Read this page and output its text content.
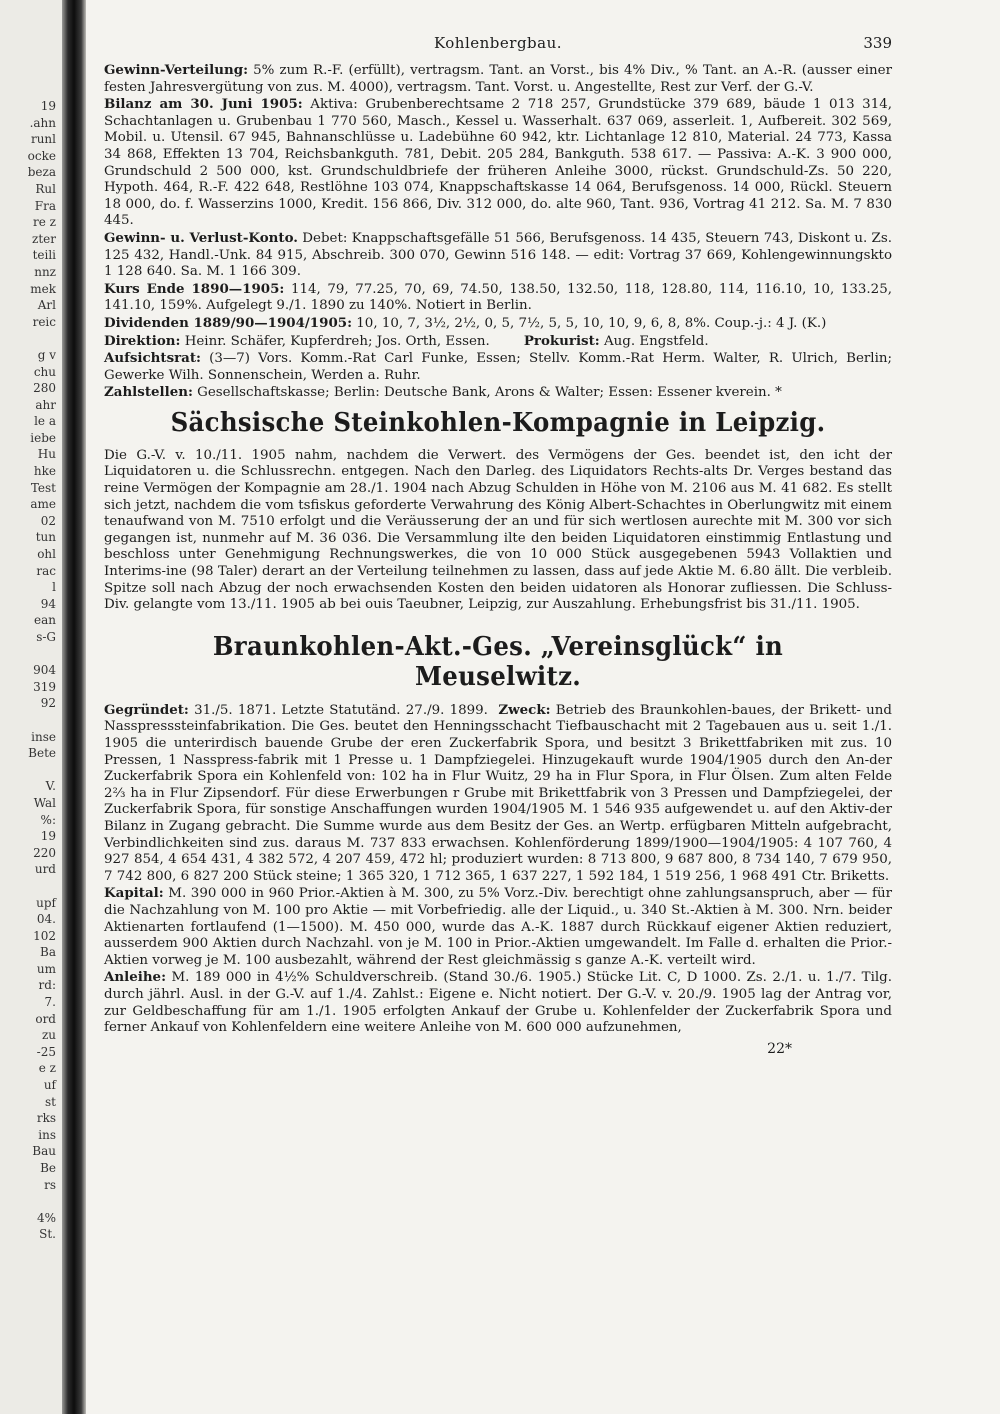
19
.ahn
runl
ocke
beza
Rul
Fra
re z
zter
teili
nnz
mek
Arl
reic

g v
chu
280
ahr
le a
iebe
Hu
hke
Test
ame
02
tun
ohl
rac
l
94
ean
s-G

904
319
92

inse
Bete

V.
Wal
%:
19
220
urd

upf
04.
102
Ba
um
rd:
7.
ord
zu
-25
e z
uf
st
rks
ins
Bau
Be
rs

4%
St.
Kohlenbergbau.	339

Gewinn-Verteilung: 5% zum R.-F. (erfüllt), vertragsm. Tant. an Vorst., bis 4% Div., % Tant. an A.-R. (ausser einer festen Jahresvergütung von zus. M. 4000), vertragsm. Tant. Vorst. u. Angestellte, Rest zur Verf. der G.-V.

Bilanz am 30. Juni 1905: Aktiva: Grubenberechtsame 2 718 257, Grundstücke 379 689, bäude 1 013 314, Schachtanlagen u. Grubenbau 1 770 560, Masch., Kessel u. Wasserhalt. 637 069, asserleit. 1, Aufbereit. 302 569, Mobil. u. Utensil. 67 945, Bahnanschlüsse u. Ladebühne 60 942, ktr. Lichtanlage 12 810, Material. 24 773, Kassa 34 868, Effekten 13 704, Reichsbankguth. 781, Debit. 205 284, Bankguth. 538 617. — Passiva: A.-K. 3 900 000, Grundschuld 2 500 000, kst. Grundschuldbriefe der früheren Anleihe 3000, rückst. Grundschuld-Zs. 50 220, Hypoth. 464, R.-F. 422 648, Restlöhne 103 074, Knappschaftskasse 14 064, Berufsgenoss. 14 000, Rückl. Steuern 18 000, do. f. Wasserzins 1000, Kredit. 156 866, Div. 312 000, do. alte 960, Tant. 936, Vortrag 41 212. Sa. M. 7 830 445.

Gewinn- u. Verlust-Konto. Debet: Knappschaftsgefälle 51 566, Berufsgenoss. 14 435, Steuern 743, Diskont u. Zs. 125 432, Handl.-Unk. 84 915, Abschreib. 300 070, Gewinn 516 148. — edit: Vortrag 37 669, Kohlengewinnungskto 1 128 640. Sa. M. 1 166 309.

Kurs Ende 1890—1905: 114, 79, 77.25, 70, 69, 74.50, 138.50, 132.50, 118, 128.80, 114, 116.10, 10, 133.25, 141.10, 159%. Aufgelegt 9./1. 1890 zu 140%. Notiert in Berlin.

Dividenden 1889/90—1904/1905: 10, 10, 7, 3½, 2½, 0, 5, 7½, 5, 5, 10, 10, 9, 6, 8, 8%. Coup.-j.: 4 J. (K.)

Direktion: Heinr. Schäfer, Kupferdreh; Jos. Orth, Essen.	Prokurist: Aug. Engstfeld.

Aufsichtsrat: (3—7) Vors. Komm.-Rat Carl Funke, Essen; Stellv. Komm.-Rat Herm. Walter, R. Ulrich, Berlin; Gewerke Wilh. Sonnenschein, Werden a. Ruhr.

Zahlstellen: Gesellschaftskasse; Berlin: Deutsche Bank, Arons & Walter; Essen: Essener kverein. *

Sächsische Steinkohlen-Kompagnie in Leipzig.

Die G.-V. v. 10./11. 1905 nahm, nachdem die Verwert. des Vermögens der Ges. beendet ist, den icht der Liquidatoren u. die Schlussrechn. entgegen. Nach den Darleg. des Liquidators Rechts-alts Dr. Verges bestand das reine Vermögen der Kompagnie am 28./1. 1904 nach Abzug Schulden in Höhe von M. 2106 aus M. 41 682. Es stellt sich jetzt, nachdem die vom tsfiskus geforderte Verwahrung des König Albert-Schachtes in Oberlungwitz mit einem tenaufwand von M. 7510 erfolgt und die Veräusserung der an und für sich wertlosen aurechte mit M. 300 vor sich gegangen ist, nunmehr auf M. 36 036. Die Versammlung ilte den beiden Liquidatoren einstimmig Entlastung und beschloss unter Genehmigung Rechnungswerkes, die von 10 000 Stück ausgegebenen 5943 Vollaktien und Interims-ine (98 Taler) derart an der Verteilung teilnehmen zu lassen, dass auf jede Aktie M. 6.80 ällt. Die verbleib. Spitze soll nach Abzug der noch erwachsenden Kosten den beiden uidatoren als Honorar zufliessen. Die Schluss-Div. gelangte vom 13./11. 1905 ab bei ouis Taeubner, Leipzig, zur Auszahlung. Erhebungsfrist bis 31./11. 1905.

Braunkohlen-Akt.-Ges. „Vereinsglück“ in Meuselwitz.

Gegründet: 31./5. 1871. Letzte Statutänd. 27./9. 1899. Zweck: Betrieb des Braunkohlen-baues, der Brikett- und Nasspresssteinfabrikation. Die Ges. beutet den Henningsschacht Tiefbauschacht mit 2 Tagebauen aus u. seit 1./1. 1905 die unterirdisch bauende Grube der eren Zuckerfabrik Spora, und besitzt 3 Brikettfabriken mit zus. 10 Pressen, 1 Nasspress-fabrik mit 1 Presse u. 1 Dampfziegelei. Hinzugekauft wurde 1904/1905 durch den An-der Zuckerfabrik Spora ein Kohlenfeld von: 102 ha in Flur Wuitz, 29 ha in Flur Spora, in Flur Ölsen. Zum alten Felde 2⅔ ha in Flur Zipsendorf. Für diese Erwerbungen r Grube mit Brikettfabrik von 3 Pressen und Dampfziegelei, der Zuckerfabrik Spora, für sonstige Anschaffungen wurden 1904/1905 M. 1 546 935 aufgewendet u. auf den Aktiv-der Bilanz in Zugang gebracht. Die Summe wurde aus dem Besitz der Ges. an Wertp. erfügbaren Mitteln aufgebracht, Verbindlichkeiten sind zus. daraus M. 737 833 erwachsen. Kohlenförderung 1899/1900—1904/1905: 4 107 760, 4 927 854, 4 654 431, 4 382 572, 4 207 459, 472 hl; produziert wurden: 8 713 800, 9 687 800, 8 734 140, 7 679 950, 7 742 800, 6 827 200 Stück steine; 1 365 320, 1 712 365, 1 637 227, 1 592 184, 1 519 256, 1 968 491 Ctr. Briketts.

Kapital: M. 390 000 in 960 Prior.-Aktien à M. 300, zu 5% Vorz.-Div. berechtigt ohne zahlungsanspruch, aber — für die Nachzahlung von M. 100 pro Aktie — mit Vorbefriedig. alle der Liquid., u. 340 St.-Aktien à M. 300. Nrn. beider Aktienarten fortlaufend (1—1500). M. 450 000, wurde das A.-K. 1887 durch Rückkauf eigener Aktien reduziert, ausserdem 900 Aktien durch Nachzahl. von je M. 100 in Prior.-Aktien umgewandelt. Im Falle d. erhalten die Prior.-Aktien vorweg je M. 100 ausbezahlt, während der Rest gleichmässig s ganze A.-K. verteilt wird.

Anleihe: M. 189 000 in 4½% Schuldverschreib. (Stand 30./6. 1905.) Stücke Lit. C, D 1000. Zs. 2./1. u. 1./7. Tilg. durch jährl. Ausl. in der G.-V. auf 1./4. Zahlst.: Eigene e. Nicht notiert. Der G.-V. v. 20./9. 1905 lag der Antrag vor, zur Geldbeschaffung für am 1./1. 1905 erfolgten Ankauf der Grube u. Kohlenfelder der Zuckerfabrik Spora und ferner Ankauf von Kohlenfeldern eine weitere Anleihe von M. 600 000 aufzunehmen,

22*
